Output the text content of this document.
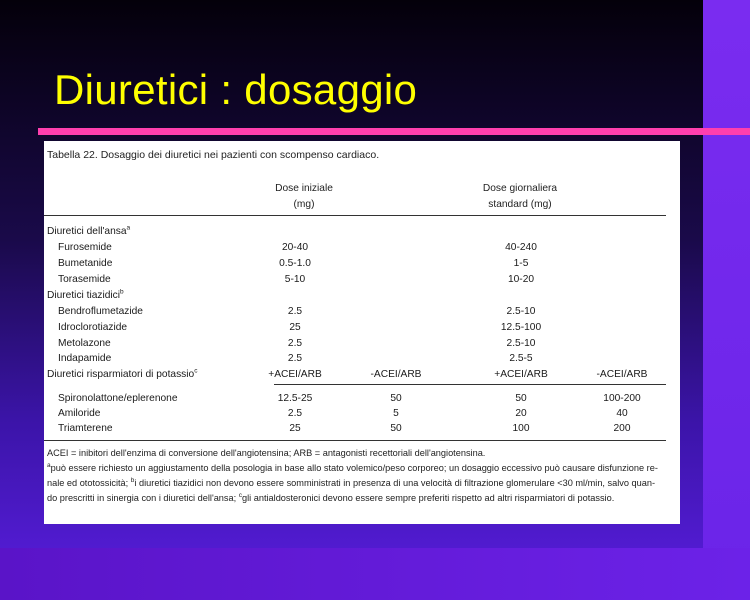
Diuretici : dosaggio
Tabella 22. Dosaggio dei diuretici nei pazienti con scompenso cardiaco.
Dose iniziale
(mg)
Dose giornaliera
standard (mg)
Diuretici dell'ansa$^a$
Furosemide	20-40	40-240
Bumetanide	0.5-1.0	1-5
Torasemide	5-10	10-20
Diuretici tiazidici$^b$
Bendroflumetazide	2.5	2.5-10
Idroclorotiazide	25	12.5-100
Metolazone	2.5	2.5-10
Indapamide	2.5	2.5-5
Diuretici risparmiatori di potassio$^c$	+ACEI/ARB	-ACEI/ARB	+ACEI/ARB	-ACEI/ARB
Spironolattone/eplerenone	12.5-25	50	50	100-200
Amiloride	2.5	5	20	40
Triamterene	25	50	100	200
ACEI = inibitori dell'enzima di conversione dell'angiotensina; ARB = antagonisti recettoriali dell'angiotensina.
$^a$può essere richiesto un aggiustamento della posologia in base allo stato volemico/peso corporeo; un dosaggio eccessivo può causare disfunzione re-
nale ed ototossicità; $^b$i diuretici tiazidici non devono essere somministrati in presenza di una velocità di filtrazione glomerulare <30 ml/min, salvo quan-
do prescritti in sinergia con i diuretici dell'ansa; $^c$gli antialdosteronici devono essere sempre preferiti rispetto ad altri risparmiatori di potassio.
